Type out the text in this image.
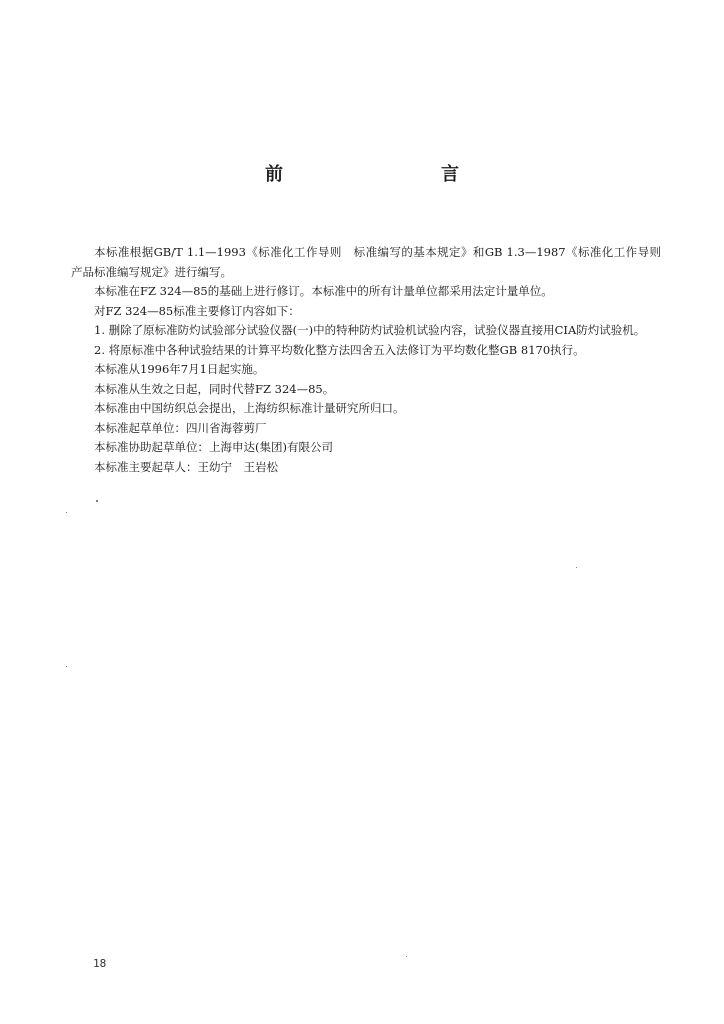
前　言

本标准根据GB/T 1.1—1993《标准化工作导则　标准编写的基本规定》和GB 1.3—1987《标准化工作导则　产品标准编写规定》进行编写。

本标准在FZ 324—85的基础上进行修订。本标准中的所有计量单位都采用法定计量单位。

对FZ 324—85标准主要修订内容如下：

1. 删除了原标准防灼试验部分试验仪器(一)中的特种防灼试验机试验内容，试验仪器直接用CIA防灼试验机。

2. 将原标准中各种试验结果的计算平均数化整方法四舍五入法修订为平均数化整GB 8170执行。

本标准从1996年7月1日起实施。

本标准从生效之日起，同时代替FZ 324—85。

本标准由中国纺织总会提出，上海纺织标准计量研究所归口。

本标准起草单位：四川省海蓉剪厂

本标准协助起草单位：上海申达(集团)有限公司

本标准主要起草人：王幼宁　王岩松

18
